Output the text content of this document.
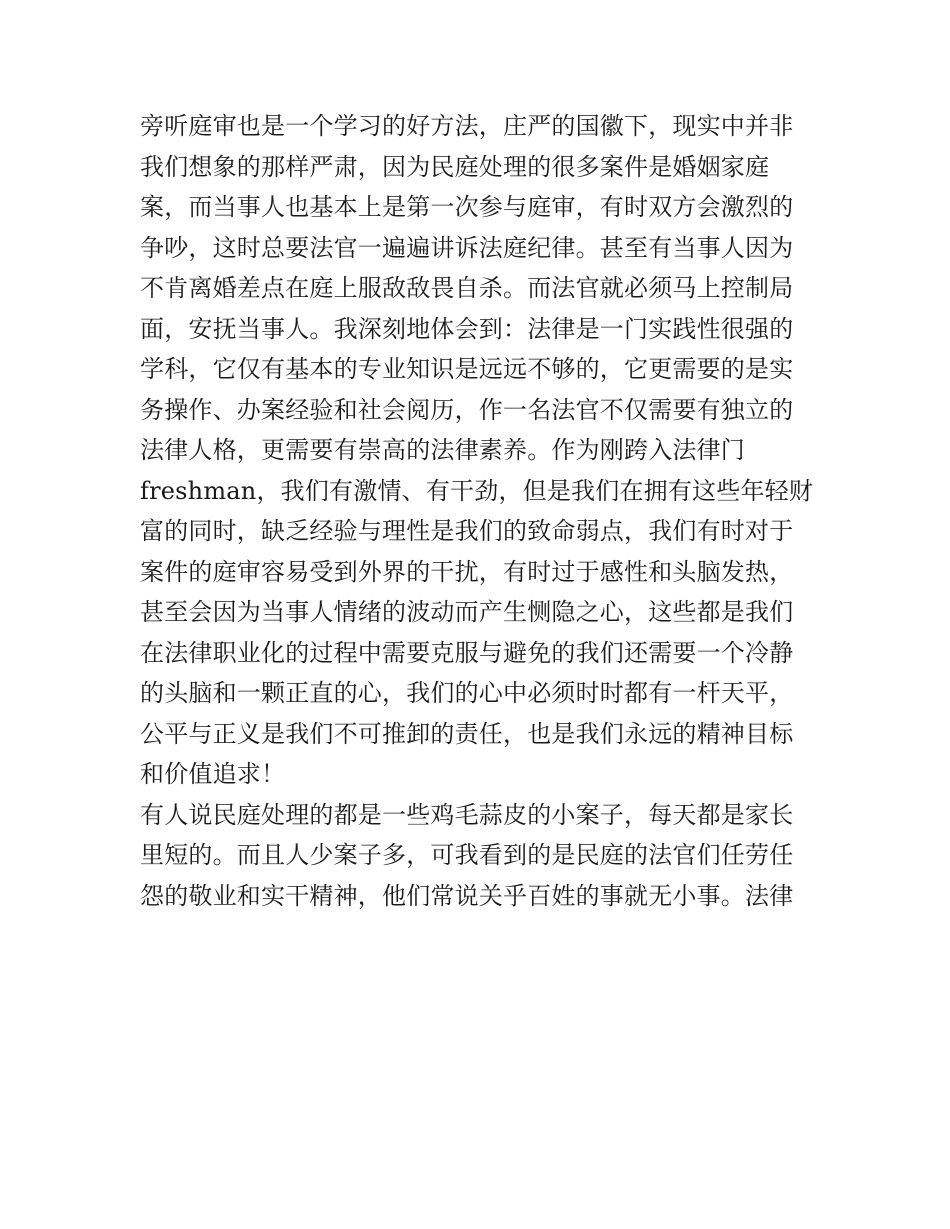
旁听庭审也是一个学习的好方法，庄严的国徽下，现实中并非
我们想象的那样严肃，因为民庭处理的很多案件是婚姻家庭
案，而当事人也基本上是第一次参与庭审，有时双方会激烈的
争吵，这时总要法官一遍遍讲诉法庭纪律。甚至有当事人因为
不肯离婚差点在庭上服敌敌畏自杀。而法官就必须马上控制局
面，安抚当事人。我深刻地体会到：法律是一门实践性很强的
学科，它仅有基本的专业知识是远远不够的，它更需要的是实
务操作、办案经验和社会阅历，作一名法官不仅需要有独立的
法律人格，更需要有崇高的法律素养。作为刚跨入法律门
freshman，我们有激情、有干劲，但是我们在拥有这些年轻财
富的同时，缺乏经验与理性是我们的致命弱点，我们有时对于
案件的庭审容易受到外界的干扰，有时过于感性和头脑发热，
甚至会因为当事人情绪的波动而产生恻隐之心，这些都是我们
在法律职业化的过程中需要克服与避免的我们还需要一个冷静
的头脑和一颗正直的心，我们的心中必须时时都有一杆天平，
公平与正义是我们不可推卸的责任，也是我们永远的精神目标
和价值追求！
有人说民庭处理的都是一些鸡毛蒜皮的小案子，每天都是家长
里短的。而且人少案子多，可我看到的是民庭的法官们任劳任
怨的敬业和实干精神，他们常说关乎百姓的事就无小事。法律
